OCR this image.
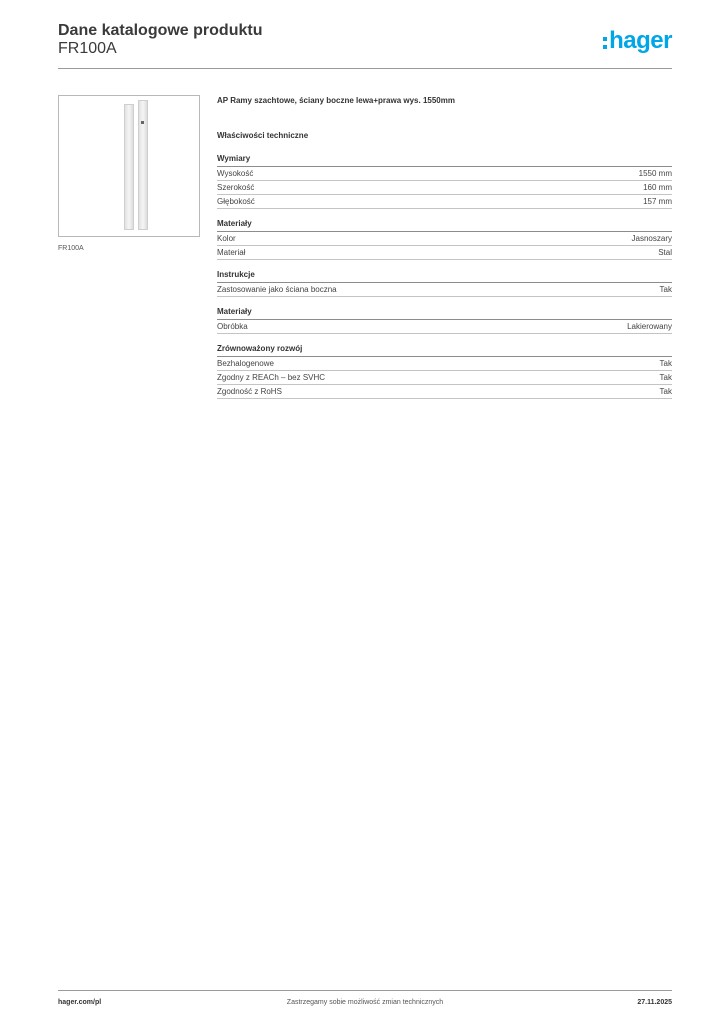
Dane katalogowe produktu
FR100A	hager
FR100A
AP Ramy szachtowe, ściany boczne lewa+prawa wys. 1550mm
Właściwości techniczne
Wymiary
Wysokość	1550 mm
Szerokość	160 mm
Głębokość	157 mm
Materiały
Kolor	Jasnoszary
Materiał	Stal
Instrukcje
Zastosowanie jako ściana boczna	Tak
Materiały
Obróbka	Lakierowany
Zrównoważony rozwój
Bezhalogenowe	Tak
Zgodny z REACh – bez SVHC	Tak
Zgodność z RoHS	Tak
hager.com/pl	Zastrzegamy sobie możliwość zmian technicznych	27.11.2025
